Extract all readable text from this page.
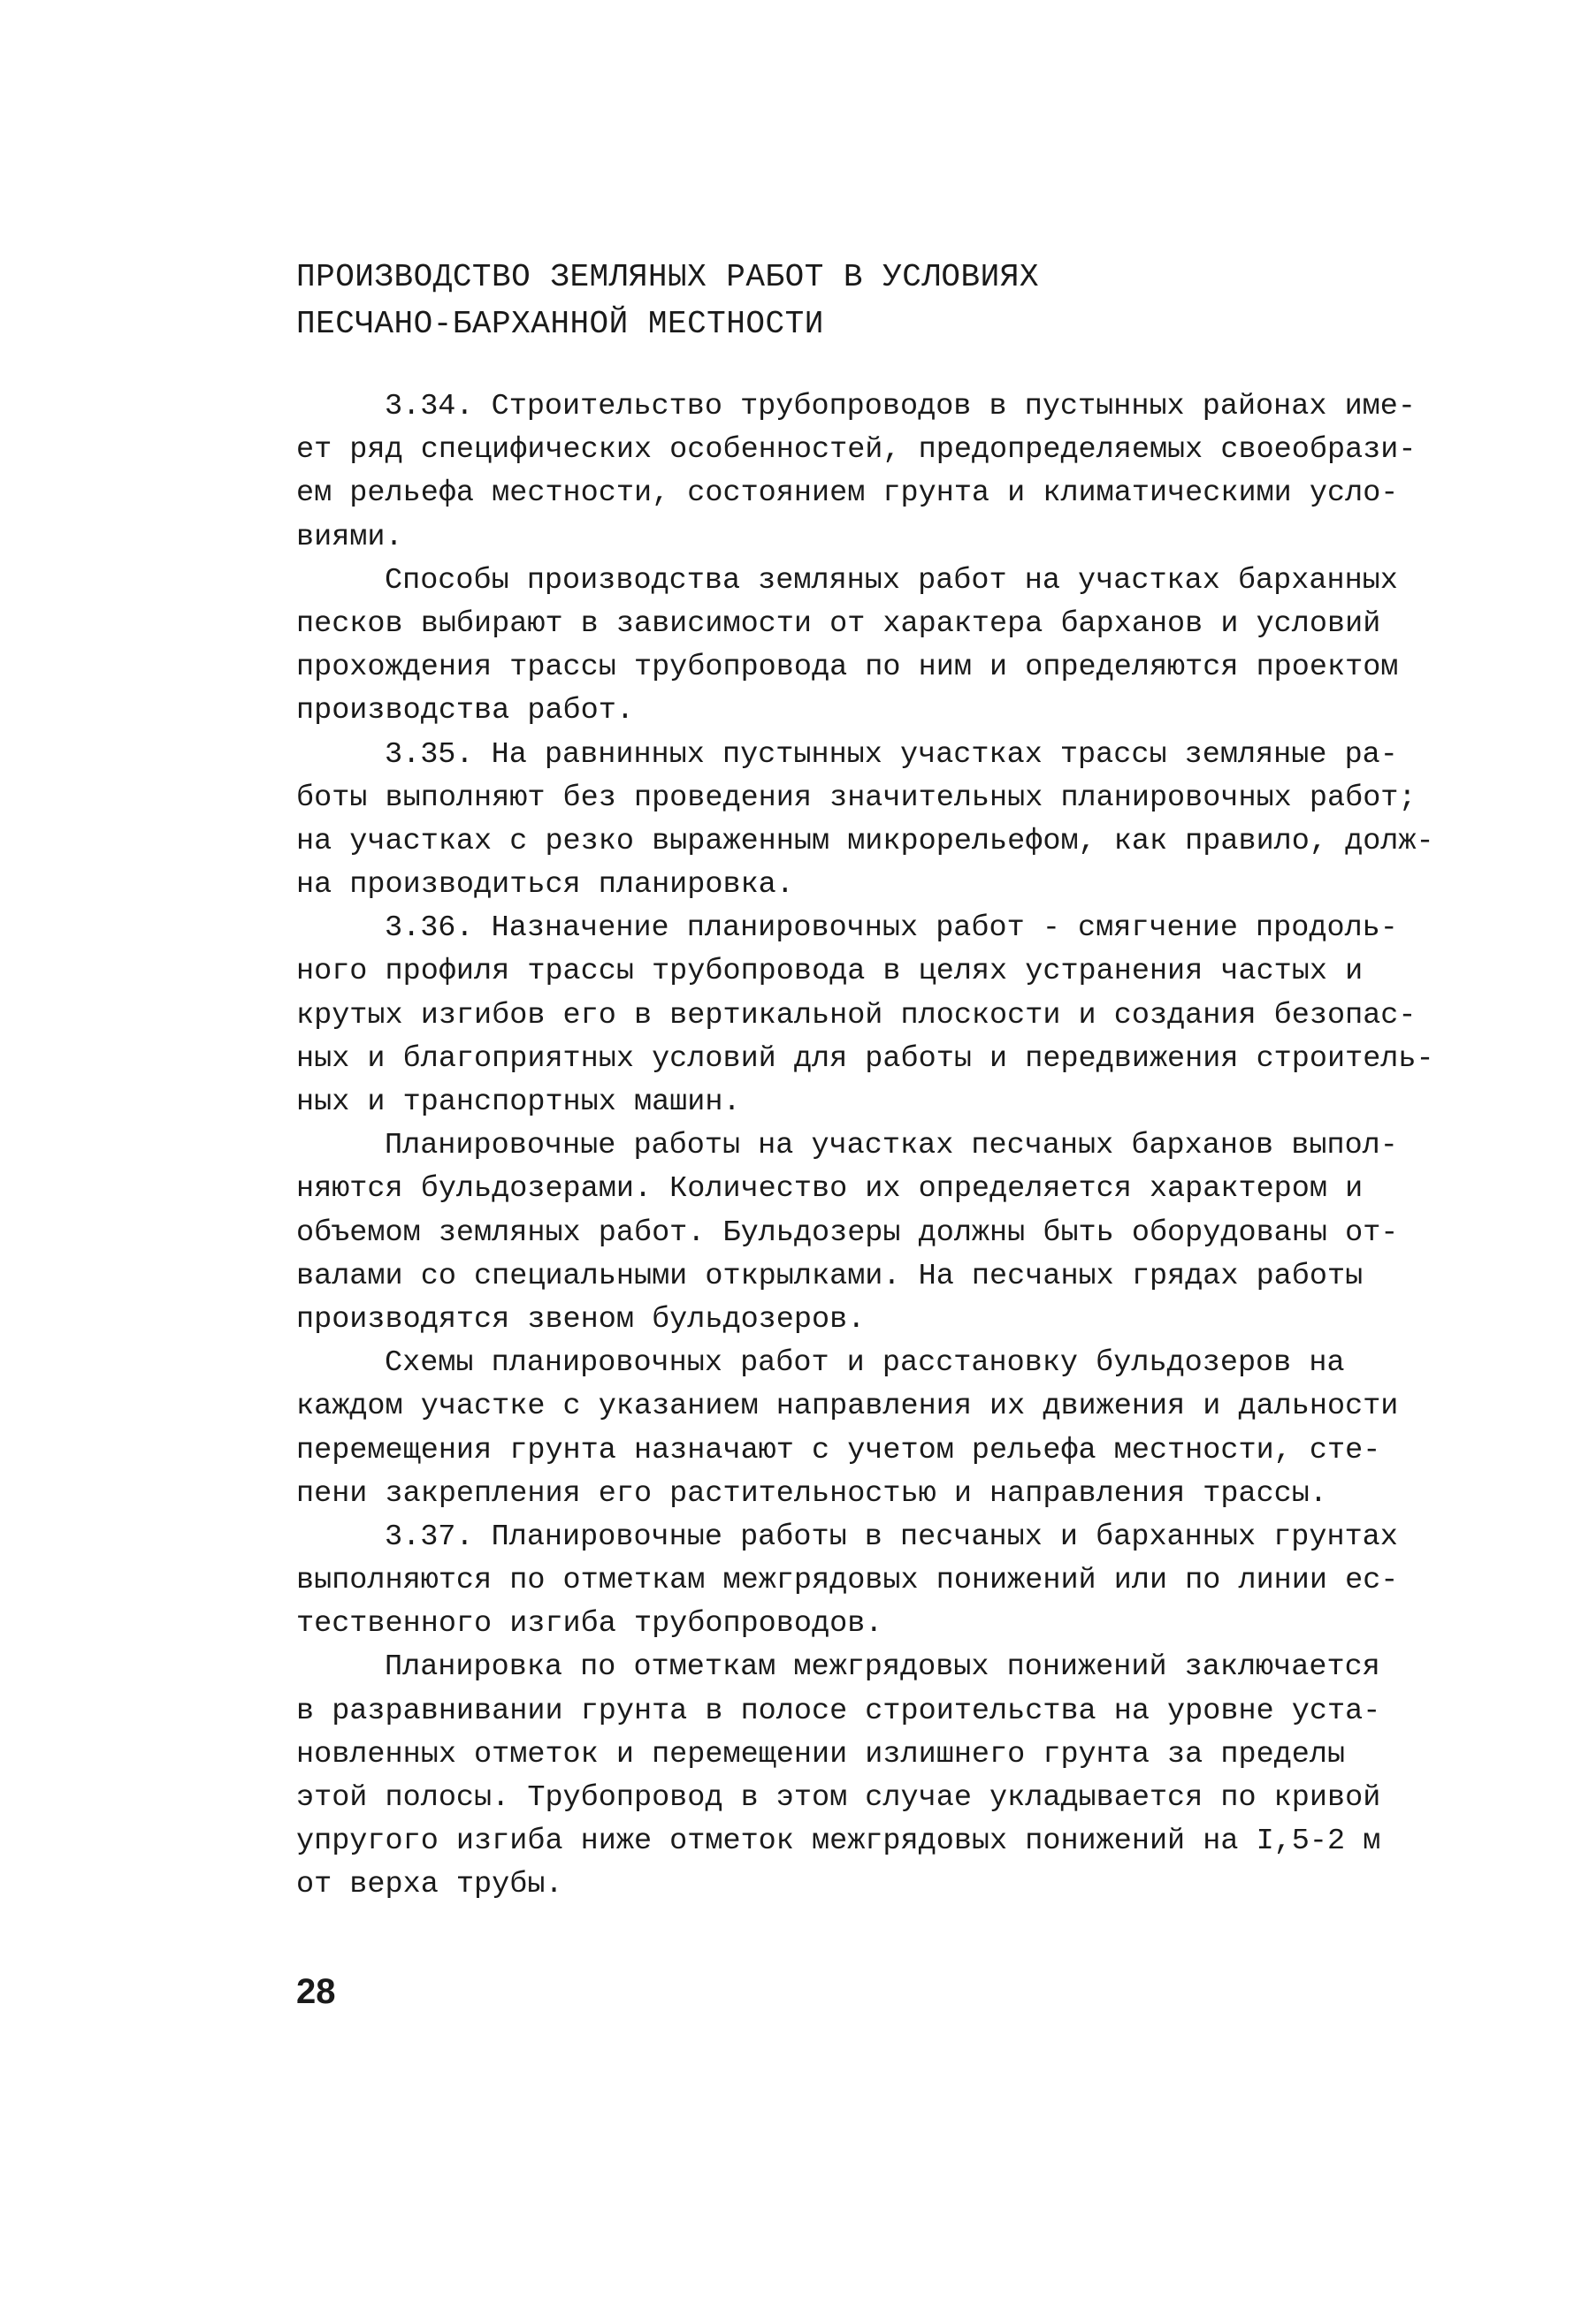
ПРОИЗВОДСТВО ЗЕМЛЯНЫХ РАБОТ В УСЛОВИЯХ
ПЕСЧАНО-БАРХАННОЙ МЕСТНОСТИ
3.34. Строительство трубопроводов в пустынных районах име-
ет ряд специфических особенностей, предопределяемых своеобрази-
ем рельефа местности, состоянием грунта и климатическими усло-
виями.
Способы производства земляных работ на участках барханных
песков выбирают в зависимости от характера барханов и условий
прохождения трассы трубопровода по ним и определяются проектом
производства работ.
3.35. На равнинных пустынных участках трассы земляные ра-
боты выполняют без проведения значительных планировочных работ;
на участках с резко выраженным микрорельефом, как правило, долж-
на производиться планировка.
3.36. Назначение планировочных работ - смягчение продоль-
ного профиля трассы трубопровода в целях устранения частых и
крутых изгибов его в вертикальной плоскости и создания безопас-
ных и благоприятных условий для работы и передвижения строитель-
ных и транспортных машин.
Планировочные работы на участках песчаных барханов выпол-
няются бульдозерами. Количество их определяется характером и
объемом земляных работ. Бульдозеры должны быть оборудованы от-
валами со специальными открылками. На песчаных грядах работы
производятся звеном бульдозеров.
Схемы планировочных работ и расстановку бульдозеров на
каждом участке с указанием направления их движения и дальности
перемещения грунта назначают с учетом рельефа местности, сте-
пени закрепления его растительностью и направления трассы.
3.37. Планировочные работы в песчаных и барханных грунтах
выполняются по отметкам межгрядовых понижений или по линии ес-
тественного изгиба трубопроводов.
Планировка по отметкам межгрядовых понижений заключается
в разравнивании грунта в полосе строительства на уровне уста-
новленных отметок и перемещении излишнего грунта за пределы
этой полосы. Трубопровод в этом случае укладывается по кривой
упругого изгиба ниже отметок межгрядовых понижений на I,5-2 м
от верха трубы.
28
